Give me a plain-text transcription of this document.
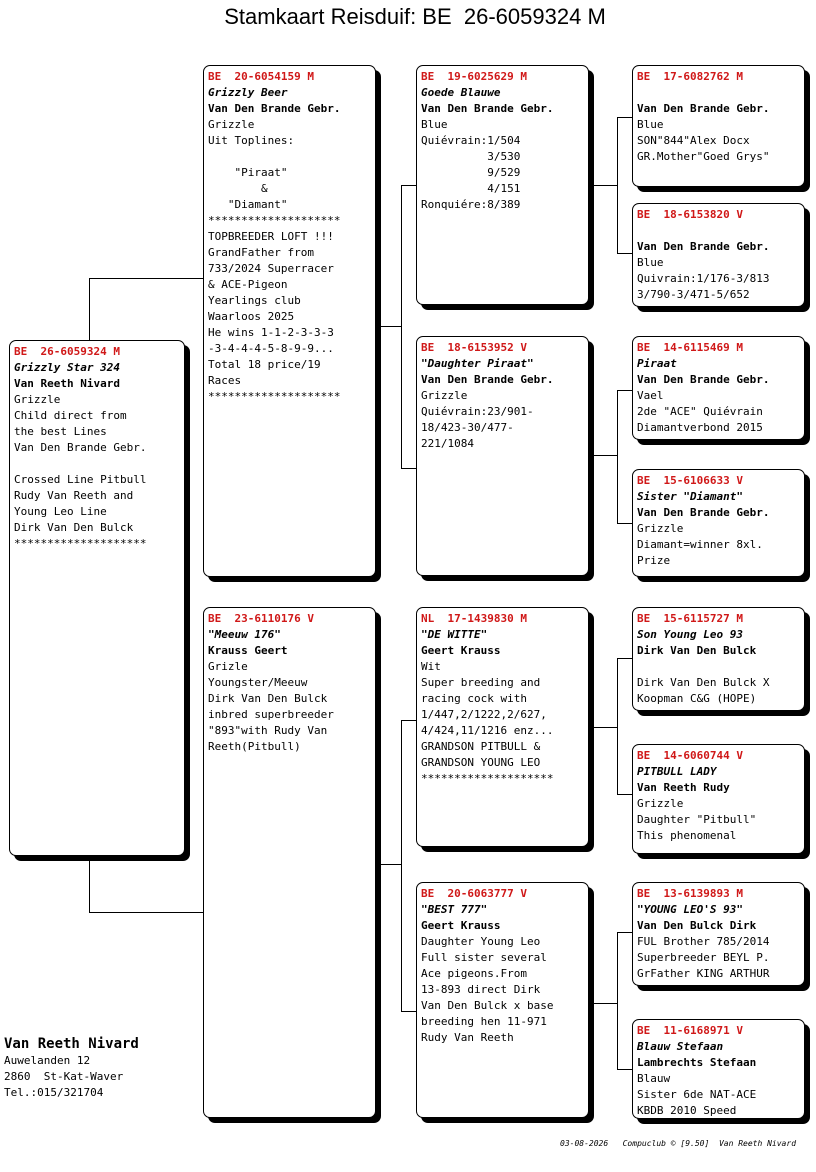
Stamkaart Reisduif: BE  26-6059324 M
BE  26-6059324 M
Grizzly Star 324
Van Reeth Nivard
Grizzle
Child direct from
the best Lines
Van Den Brande Gebr.
Crossed Line Pitbull
Rudy Van Reeth and
Young Leo Line
Dirk Van Den Bulck
********************
BE  20-6054159 M
Grizzly Beer
Van Den Brande Gebr.
Grizzle
Uit Toplines:
"Piraat"
&
"Diamant"
********************
TOPBREEDER LOFT !!!
GrandFather from
733/2024 Superracer
& ACE-Pigeon
Yearlings club
Waarloos 2025
He wins 1-1-2-3-3-3
-3-4-4-4-5-8-9-9...
Total 18 price/19
Races
********************
BE  23-6110176 V
"Meeuw 176"
Krauss Geert
Grizle
Youngster/Meeuw
Dirk Van Den Bulck
inbred superbreeder
"893"with Rudy Van
Reeth(Pitbull)
BE  19-6025629 M
Goede Blauwe
Van Den Brande Gebr.
Blue
Quiévrain:1/504
3/530
9/529
4/151
Ronquiére:8/389
BE  18-6153952 V
"Daughter Piraat"
Van Den Brande Gebr.
Grizzle
Quiévrain:23/901-
18/423-30/477-
221/1084
NL  17-1439830 M
"DE WITTE"
Geert Krauss
Wit
Super breeding and
racing cock with
1/447,2/1222,2/627,
4/424,11/1216 enz...
GRANDSON PITBULL &
GRANDSON YOUNG LEO
********************
BE  20-6063777 V
"BEST 777"
Geert Krauss
Daughter Young Leo
Full sister several
Ace pigeons.From
13-893 direct Dirk
Van Den Bulck x base
breeding hen 11-971
Rudy Van Reeth
BE  17-6082762 M
Van Den Brande Gebr.
Blue
SON"844"Alex Docx
GR.Mother"Goed Grys"
BE  18-6153820 V
Van Den Brande Gebr.
Blue
Quivrain:1/176-3/813
3/790-3/471-5/652
BE  14-6115469 M
Piraat
Van Den Brande Gebr.
Vael
2de "ACE" Quiévrain
Diamantverbond 2015
BE  15-6106633 V
Sister "Diamant"
Van Den Brande Gebr.
Grizzle
Diamant=winner 8xl.
Prize
BE  15-6115727 M
Son Young Leo 93
Dirk Van Den Bulck
Dirk Van Den Bulck X
Koopman C&G (HOPE)
BE  14-6060744 V
PITBULL LADY
Van Reeth Rudy
Grizzle
Daughter "Pitbull"
This phenomenal
BE  13-6139893 M
"YOUNG LEO'S 93"
Van Den Bulck Dirk
FUL Brother 785/2014
Superbreeder BEYL P.
GrFather KING ARTHUR
BE  11-6168971 V
Blauw Stefaan
Lambrechts Stefaan
Blauw
Sister 6de NAT-ACE
KBDB 2010 Speed
Van Reeth Nivard
Auwelanden 12
2860  St-Kat-Waver
Tel.:015/321704
03-08-2026   Compuclub © [9.50]  Van Reeth Nivard
